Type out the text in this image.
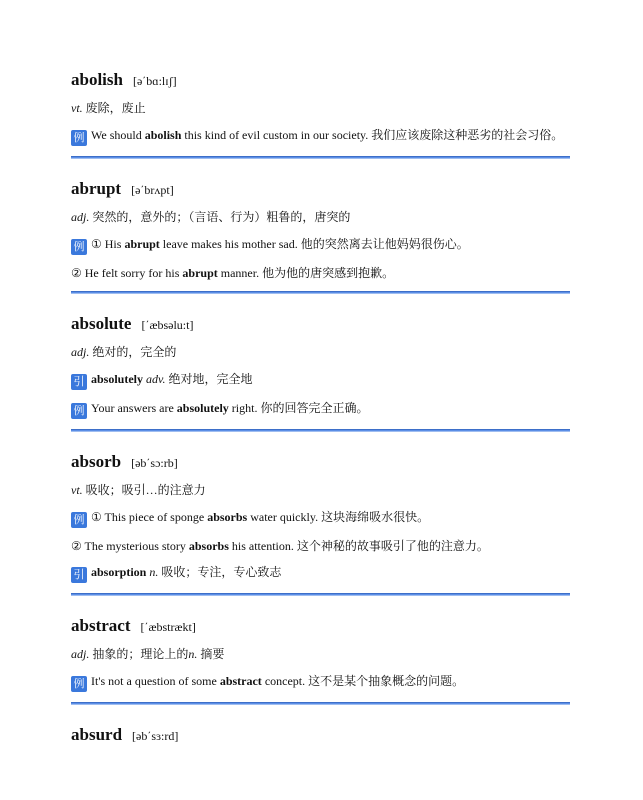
abolish [ə΄bɑ:lɪʃ]
vt. 废除，废止
例 We should abolish this kind of evil custom in our society. 我们应该废除这种恶劣的社会习俗。
abrupt [ə΄brʌpt]
adj. 突然的，意外的；（言语、行为）粗鲁的，唐突的
例 ① His abrupt leave makes his mother sad. 他的突然离去让他妈妈很伤心。
② He felt sorry for his abrupt manner. 他为他的唐突感到抱歉。
absolute [΄æbsəlu:t]
adj. 绝对的，完全的
引 absolutely adv. 绝对地，完全地
例 Your answers are absolutely right. 你的回答完全正确。
absorb [əb΄sɔ:rb]
vt. 吸收；吸引…的注意力
例 ① This piece of sponge absorbs water quickly. 这块海绵吸水很快。
② The mysterious story absorbs his attention. 这个神秘的故事吸引了他的注意力。
引 absorption n. 吸收；专注，专心致志
abstract [΄æbstrækt]
adj. 抽象的；理论上的n. 摘要
例 It's not a question of some abstract concept. 这不是某个抽象概念的问题。
absurd [əb΄sɜ:rd]
